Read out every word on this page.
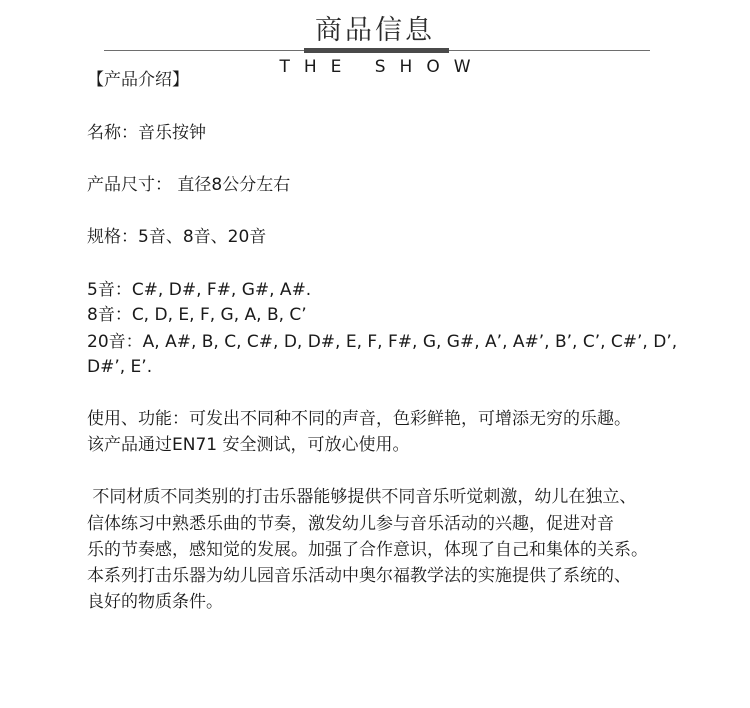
商品信息
THE SHOW
【产品介绍】
名称：音乐按钟
产品尺寸： 直径8公分左右
规格：5音、8音、20音
5音：C#, D#, F#, G#, A#.
8音：C, D, E, F, G, A, B, C’
20音：A, A#, B, C, C#, D, D#, E, F, F#, G, G#, A’, A#’, B’, C’, C#’, D’,
D#’, E’.
使用、功能：可发出不同种不同的声音，色彩鲜艳，可增添无穷的乐趣。
该产品通过EN71 安全测试，可放心使用。
不同材质不同类别的打击乐器能够提供不同音乐听觉刺激，幼儿在独立、
信体练习中熟悉乐曲的节奏，激发幼儿参与音乐活动的兴趣，促进对音
乐的节奏感，感知觉的发展。加强了合作意识，体现了自己和集体的关系。
本系列打击乐器为幼儿园音乐活动中奥尔福教学法的实施提供了系统的、
良好的物质条件。
